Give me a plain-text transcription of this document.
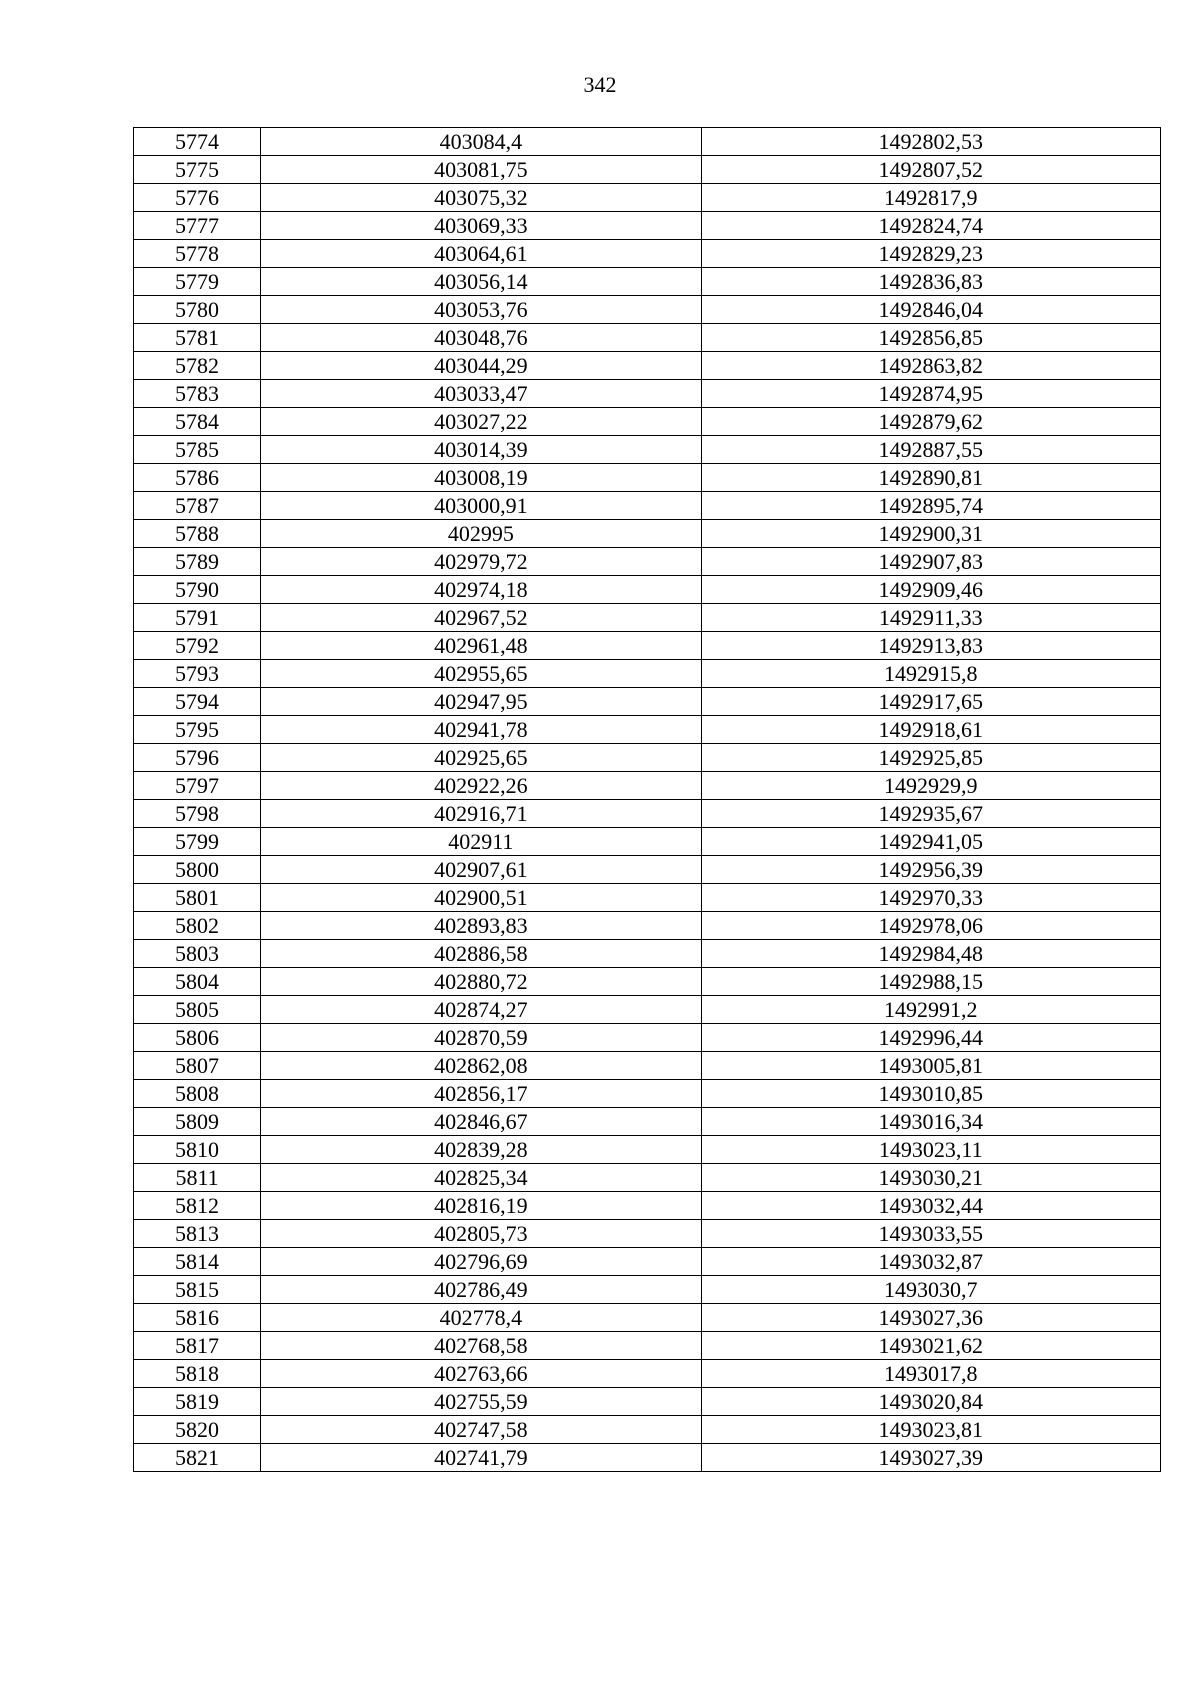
342
5774	403084,4	1492802,53
5775	403081,75	1492807,52
5776	403075,32	1492817,9
5777	403069,33	1492824,74
5778	403064,61	1492829,23
5779	403056,14	1492836,83
5780	403053,76	1492846,04
5781	403048,76	1492856,85
5782	403044,29	1492863,82
5783	403033,47	1492874,95
5784	403027,22	1492879,62
5785	403014,39	1492887,55
5786	403008,19	1492890,81
5787	403000,91	1492895,74
5788	402995	1492900,31
5789	402979,72	1492907,83
5790	402974,18	1492909,46
5791	402967,52	1492911,33
5792	402961,48	1492913,83
5793	402955,65	1492915,8
5794	402947,95	1492917,65
5795	402941,78	1492918,61
5796	402925,65	1492925,85
5797	402922,26	1492929,9
5798	402916,71	1492935,67
5799	402911	1492941,05
5800	402907,61	1492956,39
5801	402900,51	1492970,33
5802	402893,83	1492978,06
5803	402886,58	1492984,48
5804	402880,72	1492988,15
5805	402874,27	1492991,2
5806	402870,59	1492996,44
5807	402862,08	1493005,81
5808	402856,17	1493010,85
5809	402846,67	1493016,34
5810	402839,28	1493023,11
5811	402825,34	1493030,21
5812	402816,19	1493032,44
5813	402805,73	1493033,55
5814	402796,69	1493032,87
5815	402786,49	1493030,7
5816	402778,4	1493027,36
5817	402768,58	1493021,62
5818	402763,66	1493017,8
5819	402755,59	1493020,84
5820	402747,58	1493023,81
5821	402741,79	1493027,39
